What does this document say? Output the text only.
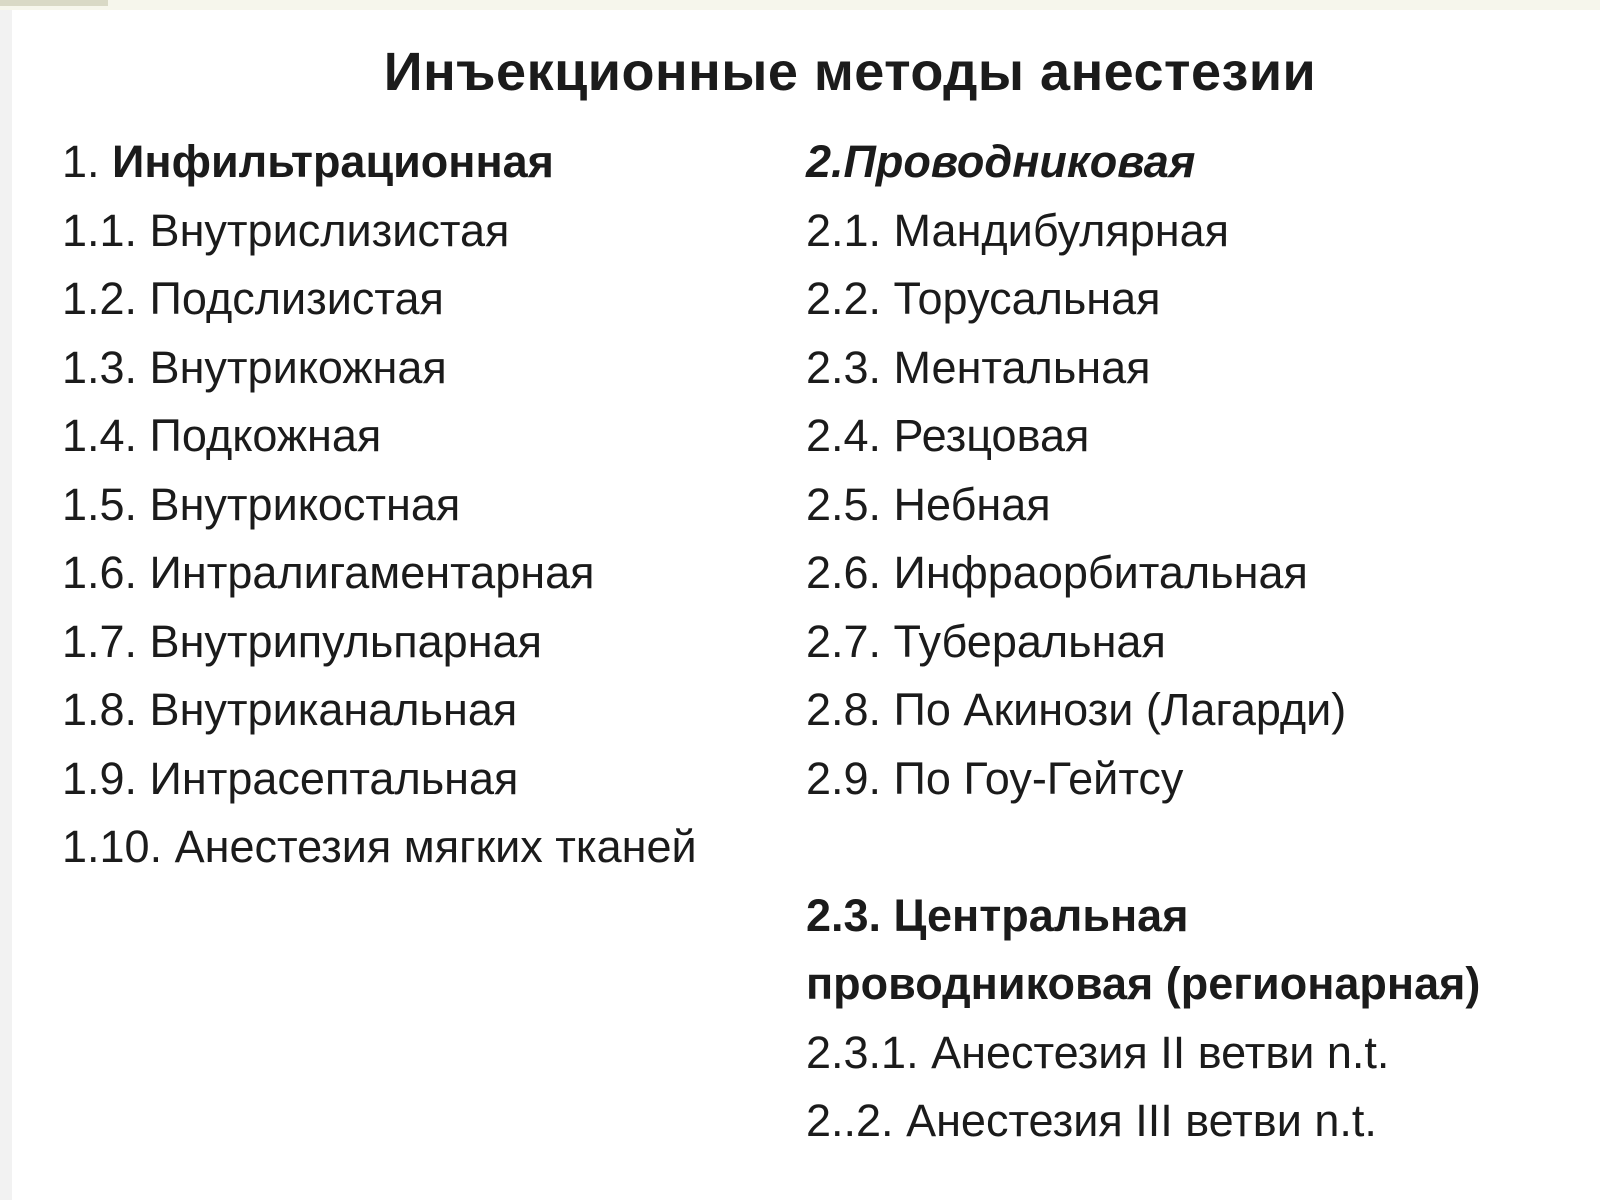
Инъекционные методы анестезии
1. Инфильтрационная
1.1. Внутрислизистая
1.2. Подслизистая
1.3. Внутрикожная
1.4. Подкожная
1.5. Внутрикостная
1.6. Интралигаментарная
1.7. Внутрипульпарная
1.8. Внутриканальная
1.9. Интрасептальная
1.10. Анестезия мягких тканей
2.Проводниковая
2.1. Мандибулярная
2.2. Торусальная
2.3. Ментальная
2.4. Резцовая
2.5. Небная
2.6. Инфраорбитальная
2.7. Туберальная
2.8. По Акинози (Лагарди)
2.9. По Гоу-Гейтсу
2.3. Центральная
проводниковая (регионарная)
2.3.1. Анестезия II ветви n.t.
2..2. Анестезия III ветви n.t.
